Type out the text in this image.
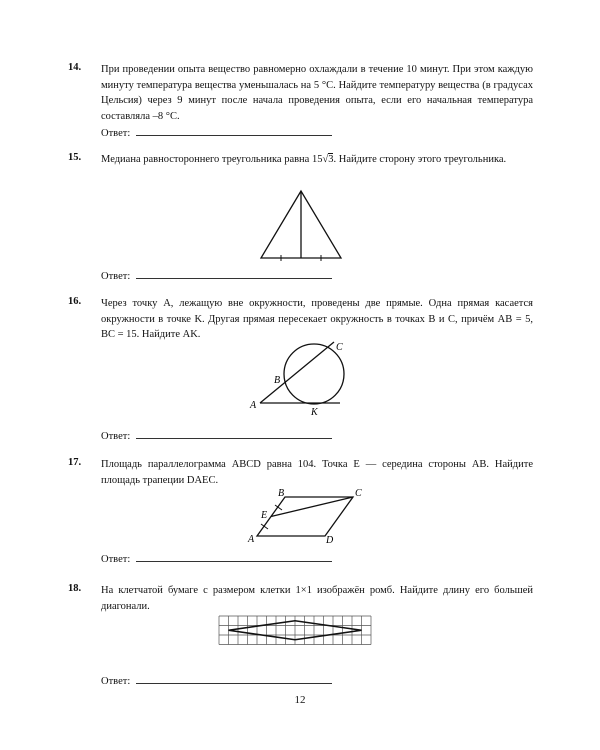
14. При проведении опыта вещество равномерно охлаждали в течение 10 минут. При этом каждую минуту температура вещества уменьшалась на 5 °С. Найдите температуру вещества (в градусах Цельсия) через 9 минут после начала проведения опыта, если его начальная температура составляла –8 °С.
Ответ:
15. Медиана равностороннего треугольника равна 15√3. Найдите сторону этого треугольника.
Ответ:
16. Через точку A, лежащую вне окружности, проведены две прямые. Одна прямая касается окружности в точке K. Другая прямая пересекает окружность в точках B и C, причём AB = 5, BC = 15. Найдите AK.
A
B
C
K
Ответ:
17. Площадь параллелограмма ABCD равна 104. Точка E — середина стороны AB. Найдите площадь трапеции DAEC.
A
B	C
D
E
Ответ:
18. На клетчатой бумаге с размером клетки 1×1 изображён ромб. Найдите длину его большей диагонали.
Ответ:
12
